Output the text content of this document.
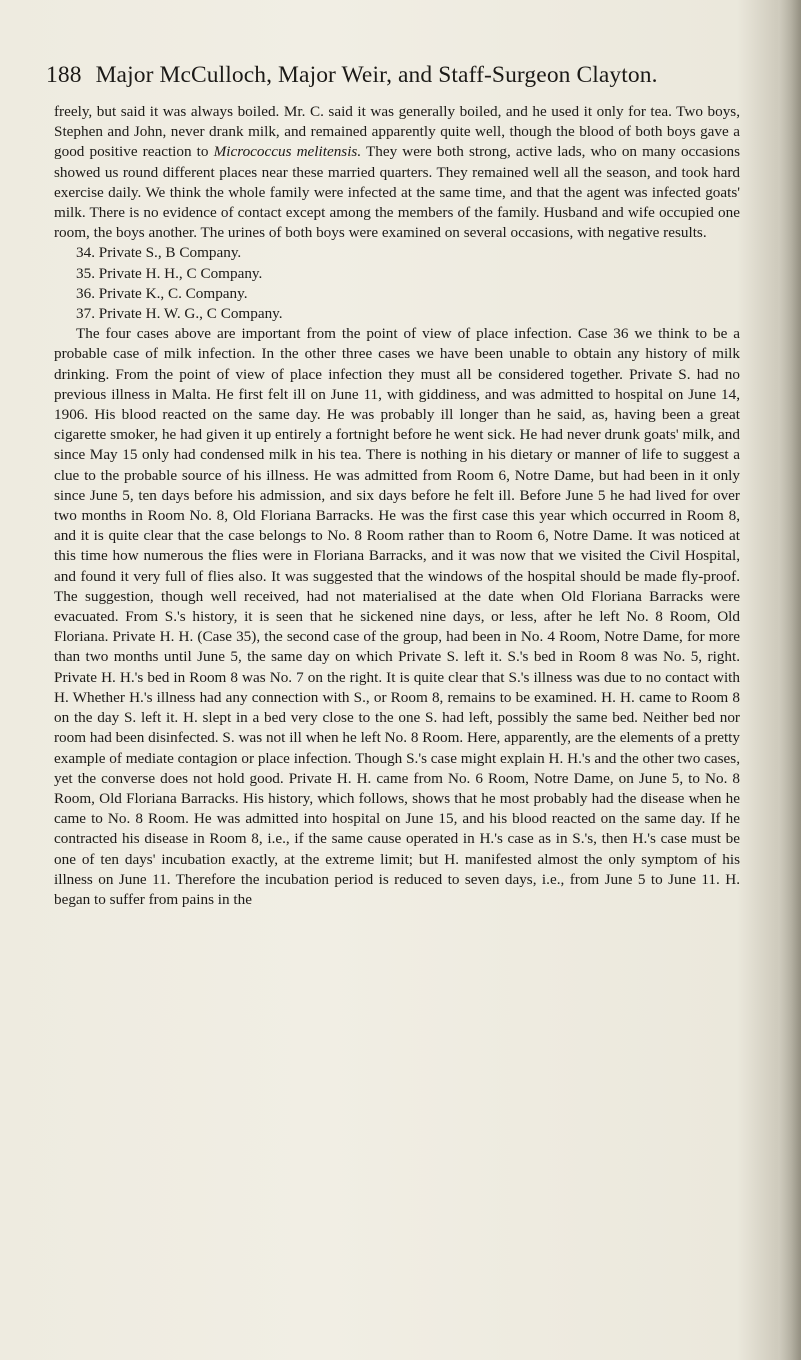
188 Major McCulloch, Major Weir, and Staff-Surgeon Clayton.

freely, but said it was always boiled. Mr. C. said it was generally boiled, and he used it only for tea. Two boys, Stephen and John, never drank milk, and remained apparently quite well, though the blood of both boys gave a good positive reaction to Micrococcus melitensis. They were both strong, active lads, who on many occasions showed us round different places near these married quarters. They remained well all the season, and took hard exercise daily. We think the whole family were infected at the same time, and that the agent was infected goats' milk. There is no evidence of contact except among the members of the family. Husband and wife occupied one room, the boys another. The urines of both boys were examined on several occasions, with negative results.

34. Private S., B Company.

35. Private H. H., C Company.

36. Private K., C. Company.

37. Private H. W. G., C Company.

The four cases above are important from the point of view of place infection. Case 36 we think to be a probable case of milk infection. In the other three cases we have been unable to obtain any history of milk drinking. From the point of view of place infection they must all be considered together. Private S. had no previous illness in Malta. He first felt ill on June 11, with giddiness, and was admitted to hospital on June 14, 1906. His blood reacted on the same day. He was probably ill longer than he said, as, having been a great cigarette smoker, he had given it up entirely a fortnight before he went sick. He had never drunk goats' milk, and since May 15 only had condensed milk in his tea. There is nothing in his dietary or manner of life to suggest a clue to the probable source of his illness. He was admitted from Room 6, Notre Dame, but had been in it only since June 5, ten days before his admission, and six days before he felt ill. Before June 5 he had lived for over two months in Room No. 8, Old Floriana Barracks. He was the first case this year which occurred in Room 8, and it is quite clear that the case belongs to No. 8 Room rather than to Room 6, Notre Dame. It was noticed at this time how numerous the flies were in Floriana Barracks, and it was now that we visited the Civil Hospital, and found it very full of flies also. It was suggested that the windows of the hospital should be made fly-proof. The suggestion, though well received, had not materialised at the date when Old Floriana Barracks were evacuated. From S.'s history, it is seen that he sickened nine days, or less, after he left No. 8 Room, Old Floriana. Private H. H. (Case 35), the second case of the group, had been in No. 4 Room, Notre Dame, for more than two months until June 5, the same day on which Private S. left it. S.'s bed in Room 8 was No. 5, right. Private H. H.'s bed in Room 8 was No. 7 on the right. It is quite clear that S.'s illness was due to no contact with H. Whether H.'s illness had any connection with S., or Room 8, remains to be examined. H. H. came to Room 8 on the day S. left it. H. slept in a bed very close to the one S. had left, possibly the same bed. Neither bed nor room had been disinfected. S. was not ill when he left No. 8 Room. Here, apparently, are the elements of a pretty example of mediate contagion or place infection. Though S.'s case might explain H. H.'s and the other two cases, yet the converse does not hold good. Private H. H. came from No. 6 Room, Notre Dame, on June 5, to No. 8 Room, Old Floriana Barracks. His history, which follows, shows that he most probably had the disease when he came to No. 8 Room. He was admitted into hospital on June 15, and his blood reacted on the same day. If he contracted his disease in Room 8, i.e., if the same cause operated in H.'s case as in S.'s, then H.'s case must be one of ten days' incubation exactly, at the extreme limit; but H. manifested almost the only symptom of his illness on June 11. Therefore the incubation period is reduced to seven days, i.e., from June 5 to June 11. H. began to suffer from pains in the
